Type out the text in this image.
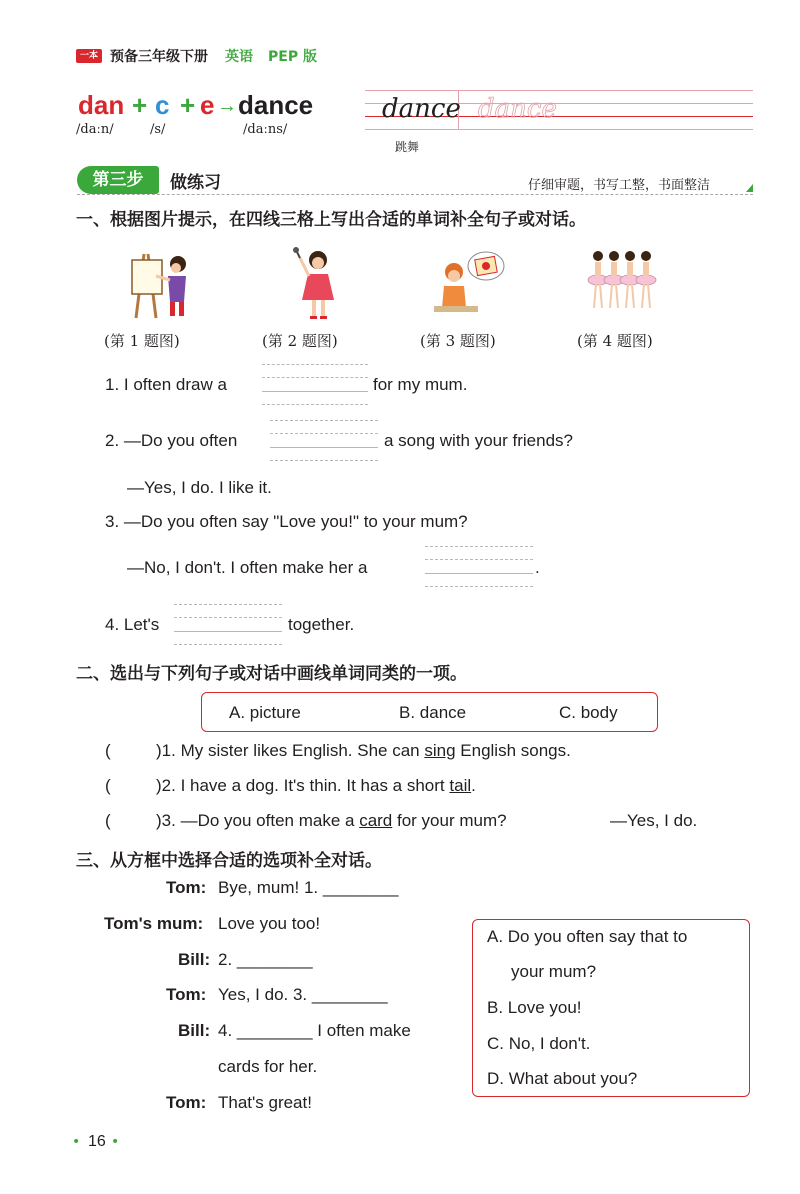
一本 预备三年级下册 英语 PEP 版
dan + c + e → dance
/daːn/	/s/	/daːns/
dance dance
跳舞
第三步	做练习	仔细审题，书写工整，书面整洁
一、根据图片提示，在四线三格上写出合适的单词补全句子或对话。
(第 1 题图)	(第 2 题图)	(第 3 题图)	(第 4 题图)
1. I often draw a	for my mum.
2. —Do you often	a song with your friends?
—Yes, I do. I like it.
3. —Do you often say "Love you!" to your mum?
—No, I don't. I often make her a	.
4. Let's	together.
二、选出与下列句子或对话中画线单词同类的一项。
A. picture	B. dance	C. body
(	)1. My sister likes English. She can sing English songs.
(	)2. I have a dog. It's thin. It has a short tail.
(	)3. —Do you often make a card for your mum?	—Yes, I do.
三、从方框中选择合适的选项补全对话。
Tom: Bye, mum! 1. ________
Tom's mum: Love you too!
Bill: 2. ________
Tom: Yes, I do. 3. ________
Bill: 4. ________ I often make
cards for her.
Tom: That's great!
A. Do you often say that to
your mum?
B. Love you!
C. No, I don't.
D. What about you?
• 16 •
